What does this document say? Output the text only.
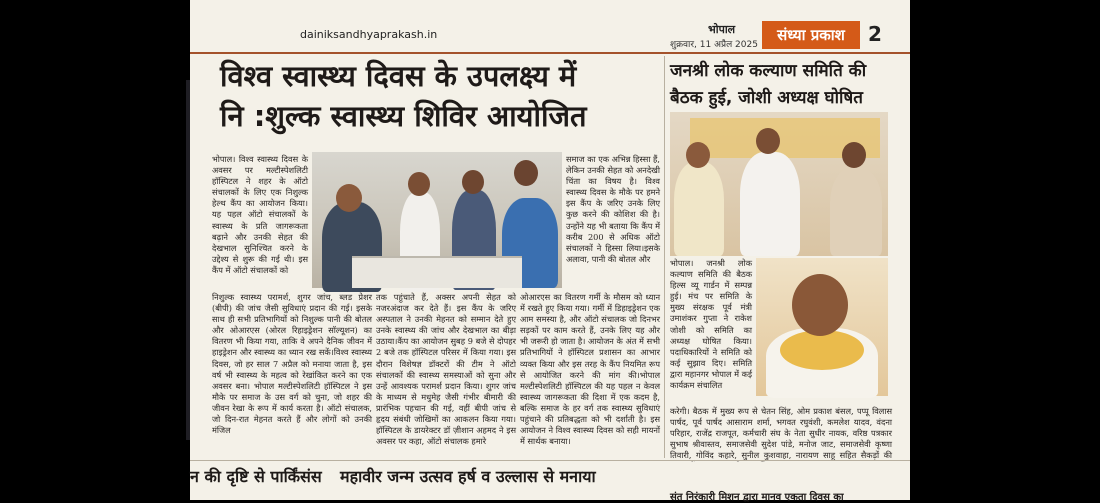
dainiksandhyaprakash.in	भोपाल
शुक्रवार, 11 अप्रैल 2025
संध्या प्रकाश	2
विश्व स्वास्थ्य दिवस के उपलक्ष्य में
नि :शुल्क स्वास्थ्य शिविर आयोजित
जनश्री लोक कल्याण समिति की बैठक हुई, जोशी अध्यक्ष घोषित
भोपाल। विश्व स्वास्थ्य दिवस के अवसर पर मल्टीस्पेशलिटी हॉस्पिटल ने शहर के ऑटो संचालकों के लिए एक निशुल्क हेल्थ कैंप का आयोजन किया। यह पहल ऑटो संचालकों के स्वास्थ्य के प्रति जागरूकता बढ़ाने और उनकी सेहत की देखभाल सुनिश्चित करने के उद्देश्य से शुरू की गई थी। इस कैंप में ऑटो संचालकों को
निशुल्क स्वास्थ्य परामर्श, शुगर जांच, ब्लड प्रेशर (बीपी) की जांच जैसी सुविधाएं प्रदान की गई। इसके साथ ही सभी प्रतिभागियों को निशुल्क पानी की बोतल और ओआरएस (ओरल रिहाइड्रेशन सॉल्यूशन) का वितरण भी किया गया, ताकि वे अपने दैनिक जीवन में हाइड्रेशन और स्वास्थ्य का ध्यान रख सकें।विश्व स्वास्थ्य दिवस, जो हर साल 7 अप्रैल को मनाया जाता है, इस वर्ष भी स्वास्थ्य के महत्व को रेखांकित करने का एक अवसर बना। भोपाल मल्टीस्पेशलिटी हॉस्पिटल ने इस मौके पर समाज के उस वर्ग को चुना, जो शहर की जीवन रेखा के रूप में कार्य करता है। ऑटो संचालक, जो दिन-रात मेहनत करते हैं और लोगों को उनकी मंजिल
तक पहुंचाते हैं, अक्सर अपनी सेहत को नजरअंदाज कर देते हैं। इस कैंप के जरिए अस्पताल ने उनकी मेहनत को सम्मान देते हुए उनके स्वास्थ्य की जांच और देखभाल का बीड़ा उठाया।कैंप का आयोजन सुबह 9 बजे से दोपहर 2 बजे तक हॉस्पिटल परिसर में किया गया। इस दौरान विशेषज्ञ डॉक्टरों की टीम ने ऑटो संचालकों की स्वास्थ्य समस्याओं को सुना और उन्हें आवश्यक परामर्श प्रदान किया। शुगर जांच के माध्यम से मधुमेह जैसी गंभीर बीमारी की प्रारंभिक पहचान की गई, वहीं बीपी जांच से हृदय संबंधी जोखिमों का आकलन किया गया। हॉस्पिटल के डायरेक्टर डॉ ज़ीशान अहमद ने इस अवसर पर कहा, ऑटो संचालक हमारे
समाज का एक अभिन्न हिस्सा हैं, लेकिन उनकी सेहत को अनदेखी चिंता का विषय है। विश्व स्वास्थ्य दिवस के मौके पर हमने इस कैंप के जरिए उनके लिए कुछ करने की कोशिश की है। उन्होंने यह भी बताया कि कैंप में करीब 200 से अधिक ऑटो संचालकों ने हिस्सा लिया।इसके अलावा, पानी की बोतल और
ओआरएस का वितरण गर्मी के मौसम को ध्यान में रखते हुए किया गया। गर्मी में डिहाइड्रेशन एक आम समस्या है, और ऑटो संचालक जो दिनभर सड़कों पर काम करते हैं, उनके लिए यह और भी जरूरी हो जाता है। आयोजन के अंत में सभी प्रतिभागियों ने हॉस्पिटल प्रशासन का आभार व्यक्त किया और इस तरह के कैंप नियमित रूप से आयोजित करने की मांग की।भोपाल मल्टीस्पेशलिटी हॉस्पिटल की यह पहल न केवल स्वास्थ्य जागरूकता की दिशा में एक कदम है, बल्कि समाज के हर वर्ग तक स्वास्थ्य सुविधाएं पहुंचाने की प्रतिबद्धता को भी दर्शाती है। इस आयोजन ने विश्व स्वास्थ्य दिवस को सही मायनों में सार्थक बनाया।
भोपाल। जनश्री लोक कल्याण समिति की बैठक हिल्स व्यू गार्डन में सम्पन्न हुई। मंच पर समिति के मुख्य संरक्षक पूर्व मंत्री उमाशंकर गुप्ता ने राकेश जोशी को समिति का अध्यक्ष घोषित किया। पदाधिकारियों ने समिति को कई सुझाव दिए। समिति द्वारा महानगर भोपाल में कई कार्यक्रम संचालित
करेगी। बैठक में मुख्य रूप से चेतन सिंह, ओम प्रकाश बंसल, पप्पू विलास पार्षद, पूर्व पार्षद आसाराम शर्मा, भगवत रघुवंशी, कमलेश यादव, वंदना परिहार, राजेंद्र राजपूत, कर्मचारी संघ के नेता सुधीर नायक, वरिष्ठ पत्रकार सुभाष श्रीवास्तव, समाजसेवी सुदेश पांडे, मनोज जाट, समाजसेवी कृष्णा तिवारी, गोविंद कहारे, सुनील कुशवाहा, नारायण साहू सहित सैकड़ों की
न की दृष्टि से पार्किंसंस महावीर जन्म उत्सव हर्ष व उल्लास से मनाया
संत निरंकारी मिशन द्वारा मानव एकता दिवस का
